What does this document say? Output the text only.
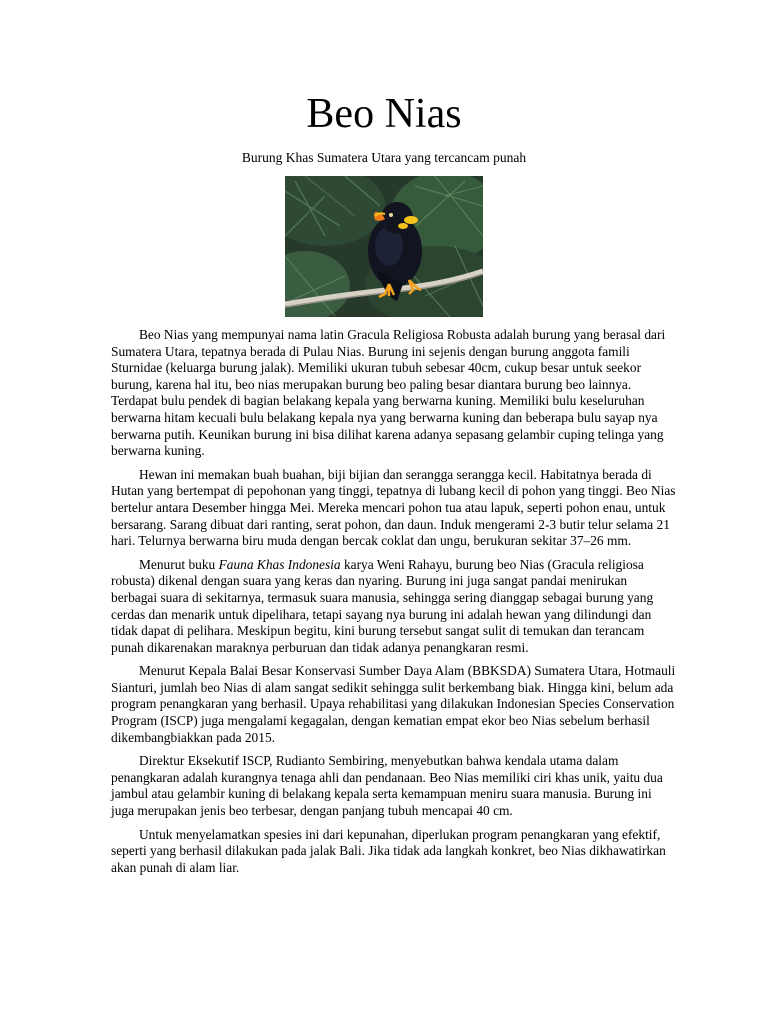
Beo Nias

Burung Khas Sumatera Utara yang tercancam punah

Beo Nias yang mempunyai nama latin Gracula Religiosa Robusta adalah burung yang berasal dari Sumatera Utara, tepatnya berada di Pulau Nias. Burung ini sejenis dengan burung anggota famili Sturnidae (keluarga burung jalak). Memiliki ukuran tubuh sebesar 40cm, cukup besar untuk seekor burung, karena hal itu, beo nias merupakan burung beo paling besar diantara burung beo lainnya. Terdapat bulu pendek di bagian belakang kepala yang berwarna kuning. Memiliki bulu keseluruhan berwarna hitam kecuali bulu belakang kepala nya yang berwarna kuning dan beberapa bulu sayap nya berwarna putih. Keunikan burung ini bisa dilihat karena adanya sepasang gelambir cuping telinga yang berwarna kuning.

Hewan ini memakan buah buahan, biji bijian dan serangga serangga kecil. Habitatnya berada di Hutan yang bertempat di pepohonan yang tinggi, tepatnya di lubang kecil di pohon yang tinggi. Beo Nias bertelur antara Desember hingga Mei. Mereka mencari pohon tua atau lapuk, seperti pohon enau, untuk bersarang. Sarang dibuat dari ranting, serat pohon, dan daun. Induk mengerami 2-3 butir telur selama 21 hari. Telurnya berwarna biru muda dengan bercak coklat dan ungu, berukuran sekitar 37–26 mm.

Menurut buku Fauna Khas Indonesia karya Weni Rahayu, burung beo Nias (Gracula religiosa robusta) dikenal dengan suara yang keras dan nyaring. Burung ini juga sangat pandai menirukan berbagai suara di sekitarnya, termasuk suara manusia, sehingga sering dianggap sebagai burung yang cerdas dan menarik untuk dipelihara, tetapi sayang nya burung ini adalah hewan yang dilindungi dan tidak dapat di pelihara. Meskipun begitu, kini burung tersebut sangat sulit di temukan dan terancam punah dikarenakan maraknya perburuan dan tidak adanya penangkaran resmi.

Menurut Kepala Balai Besar Konservasi Sumber Daya Alam (BBKSDA) Sumatera Utara, Hotmauli Sianturi, jumlah beo Nias di alam sangat sedikit sehingga sulit berkembang biak. Hingga kini, belum ada program penangkaran yang berhasil. Upaya rehabilitasi yang dilakukan Indonesian Species Conservation Program (ISCP) juga mengalami kegagalan, dengan kematian empat ekor beo Nias sebelum berhasil dikembangbiakkan pada 2015.

Direktur Eksekutif ISCP, Rudianto Sembiring, menyebutkan bahwa kendala utama dalam penangkaran adalah kurangnya tenaga ahli dan pendanaan. Beo Nias memiliki ciri khas unik, yaitu dua jambul atau gelambir kuning di belakang kepala serta kemampuan meniru suara manusia. Burung ini juga merupakan jenis beo terbesar, dengan panjang tubuh mencapai 40 cm.

Untuk menyelamatkan spesies ini dari kepunahan, diperlukan program penangkaran yang efektif, seperti yang berhasil dilakukan pada jalak Bali. Jika tidak ada langkah konkret, beo Nias dikhawatirkan akan punah di alam liar.
